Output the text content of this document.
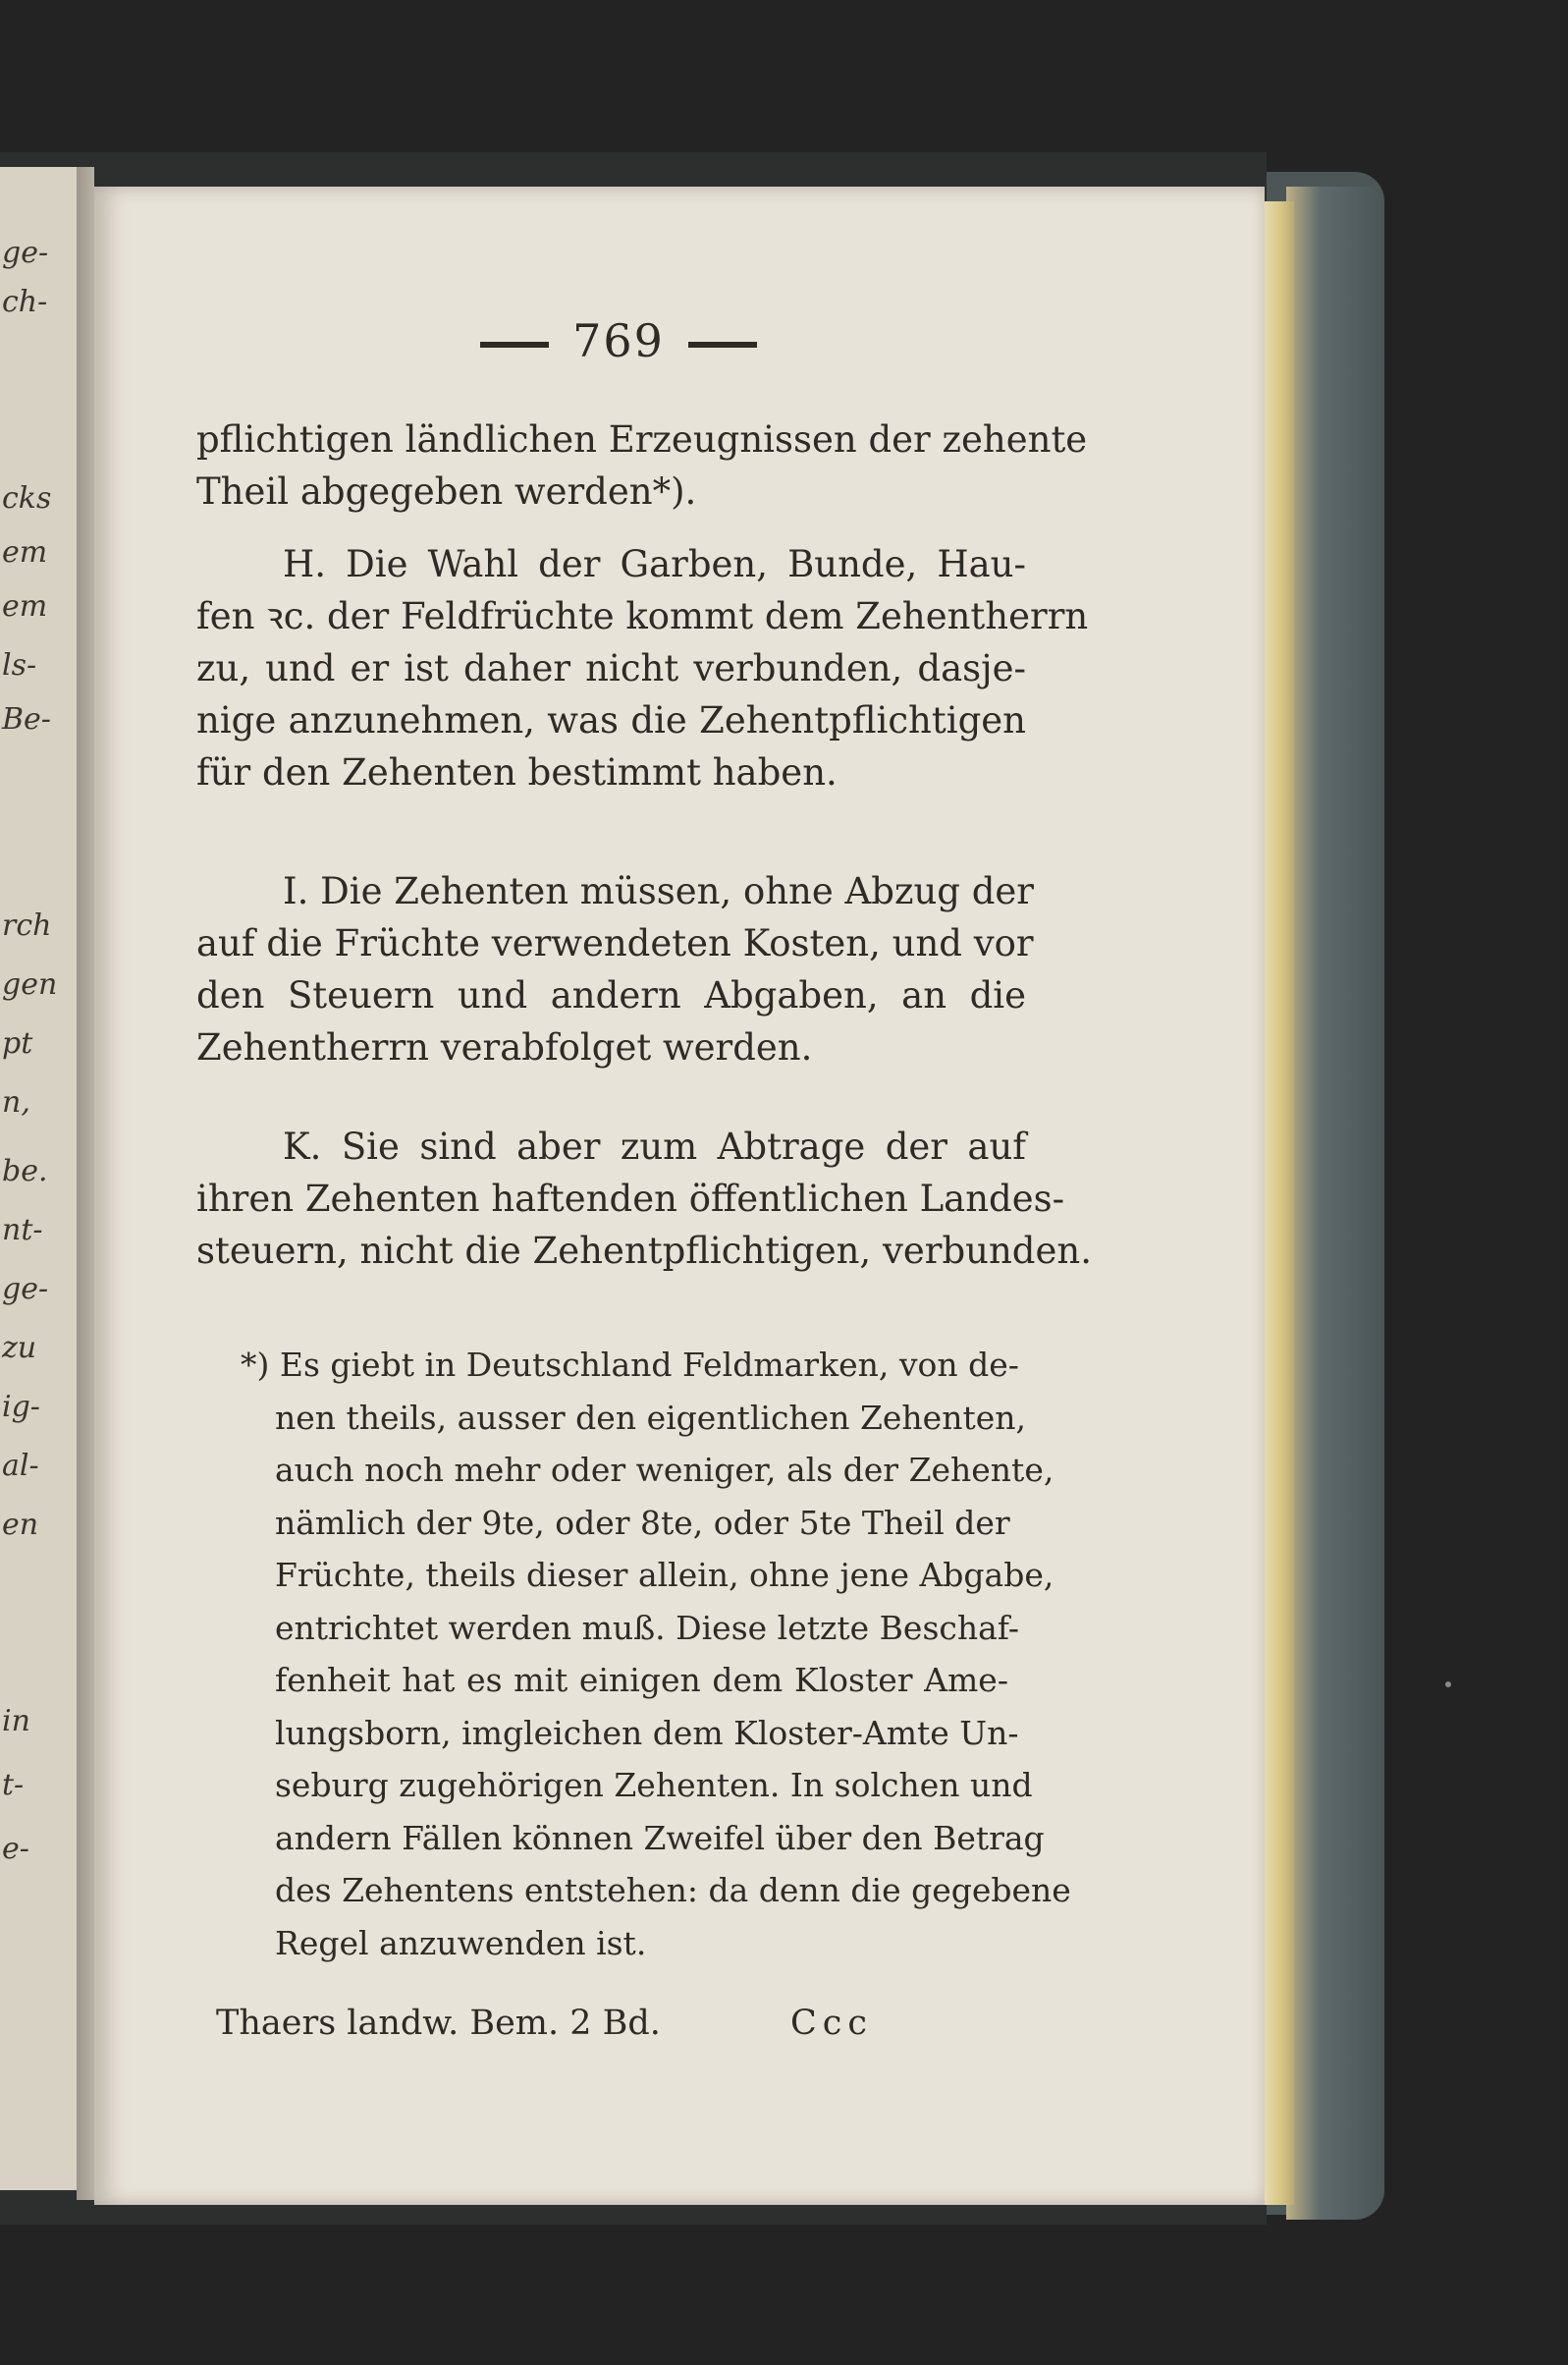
ge-
ch-
cks
em
em
ls-
Be-
rch
gen
pt
n,
be.
nt-
ge-
zu
ig-
al-
en
in
t-
e-
769
pflichtigen ländlichen Erzeugnissen der zehente
Theil abgegeben werden*).
H. Die Wahl der Garben, Bunde, Hau-
fen ꝛc. der Feldfrüchte kommt dem Zehentherrn
zu, und er ist daher nicht verbunden, dasje-
nige anzunehmen, was die Zehentpflichtigen
für den Zehenten bestimmt haben.
I. Die Zehenten müssen, ohne Abzug der
auf die Früchte verwendeten Kosten, und vor
den Steuern und andern Abgaben, an die
Zehentherrn verabfolget werden.
K. Sie sind aber zum Abtrage der auf
ihren Zehenten haftenden öffentlichen Landes-
steuern, nicht die Zehentpflichtigen, verbunden.
*) Es giebt in Deutschland Feldmarken, von de-
nen theils, ausser den eigentlichen Zehenten,
auch noch mehr oder weniger, als der Zehente,
nämlich der 9te, oder 8te, oder 5te Theil der
Früchte, theils dieser allein, ohne jene Abgabe,
entrichtet werden muß. Diese letzte Beschaf-
fenheit hat es mit einigen dem Kloster Ame-
lungsborn, imgleichen dem Kloster-Amte Un-
seburg zugehörigen Zehenten. In solchen und
andern Fällen können Zweifel über den Betrag
des Zehentens entstehen: da denn die gegebene
Regel anzuwenden ist.
Thaers landw. Bem. 2 Bd.	Ccc
